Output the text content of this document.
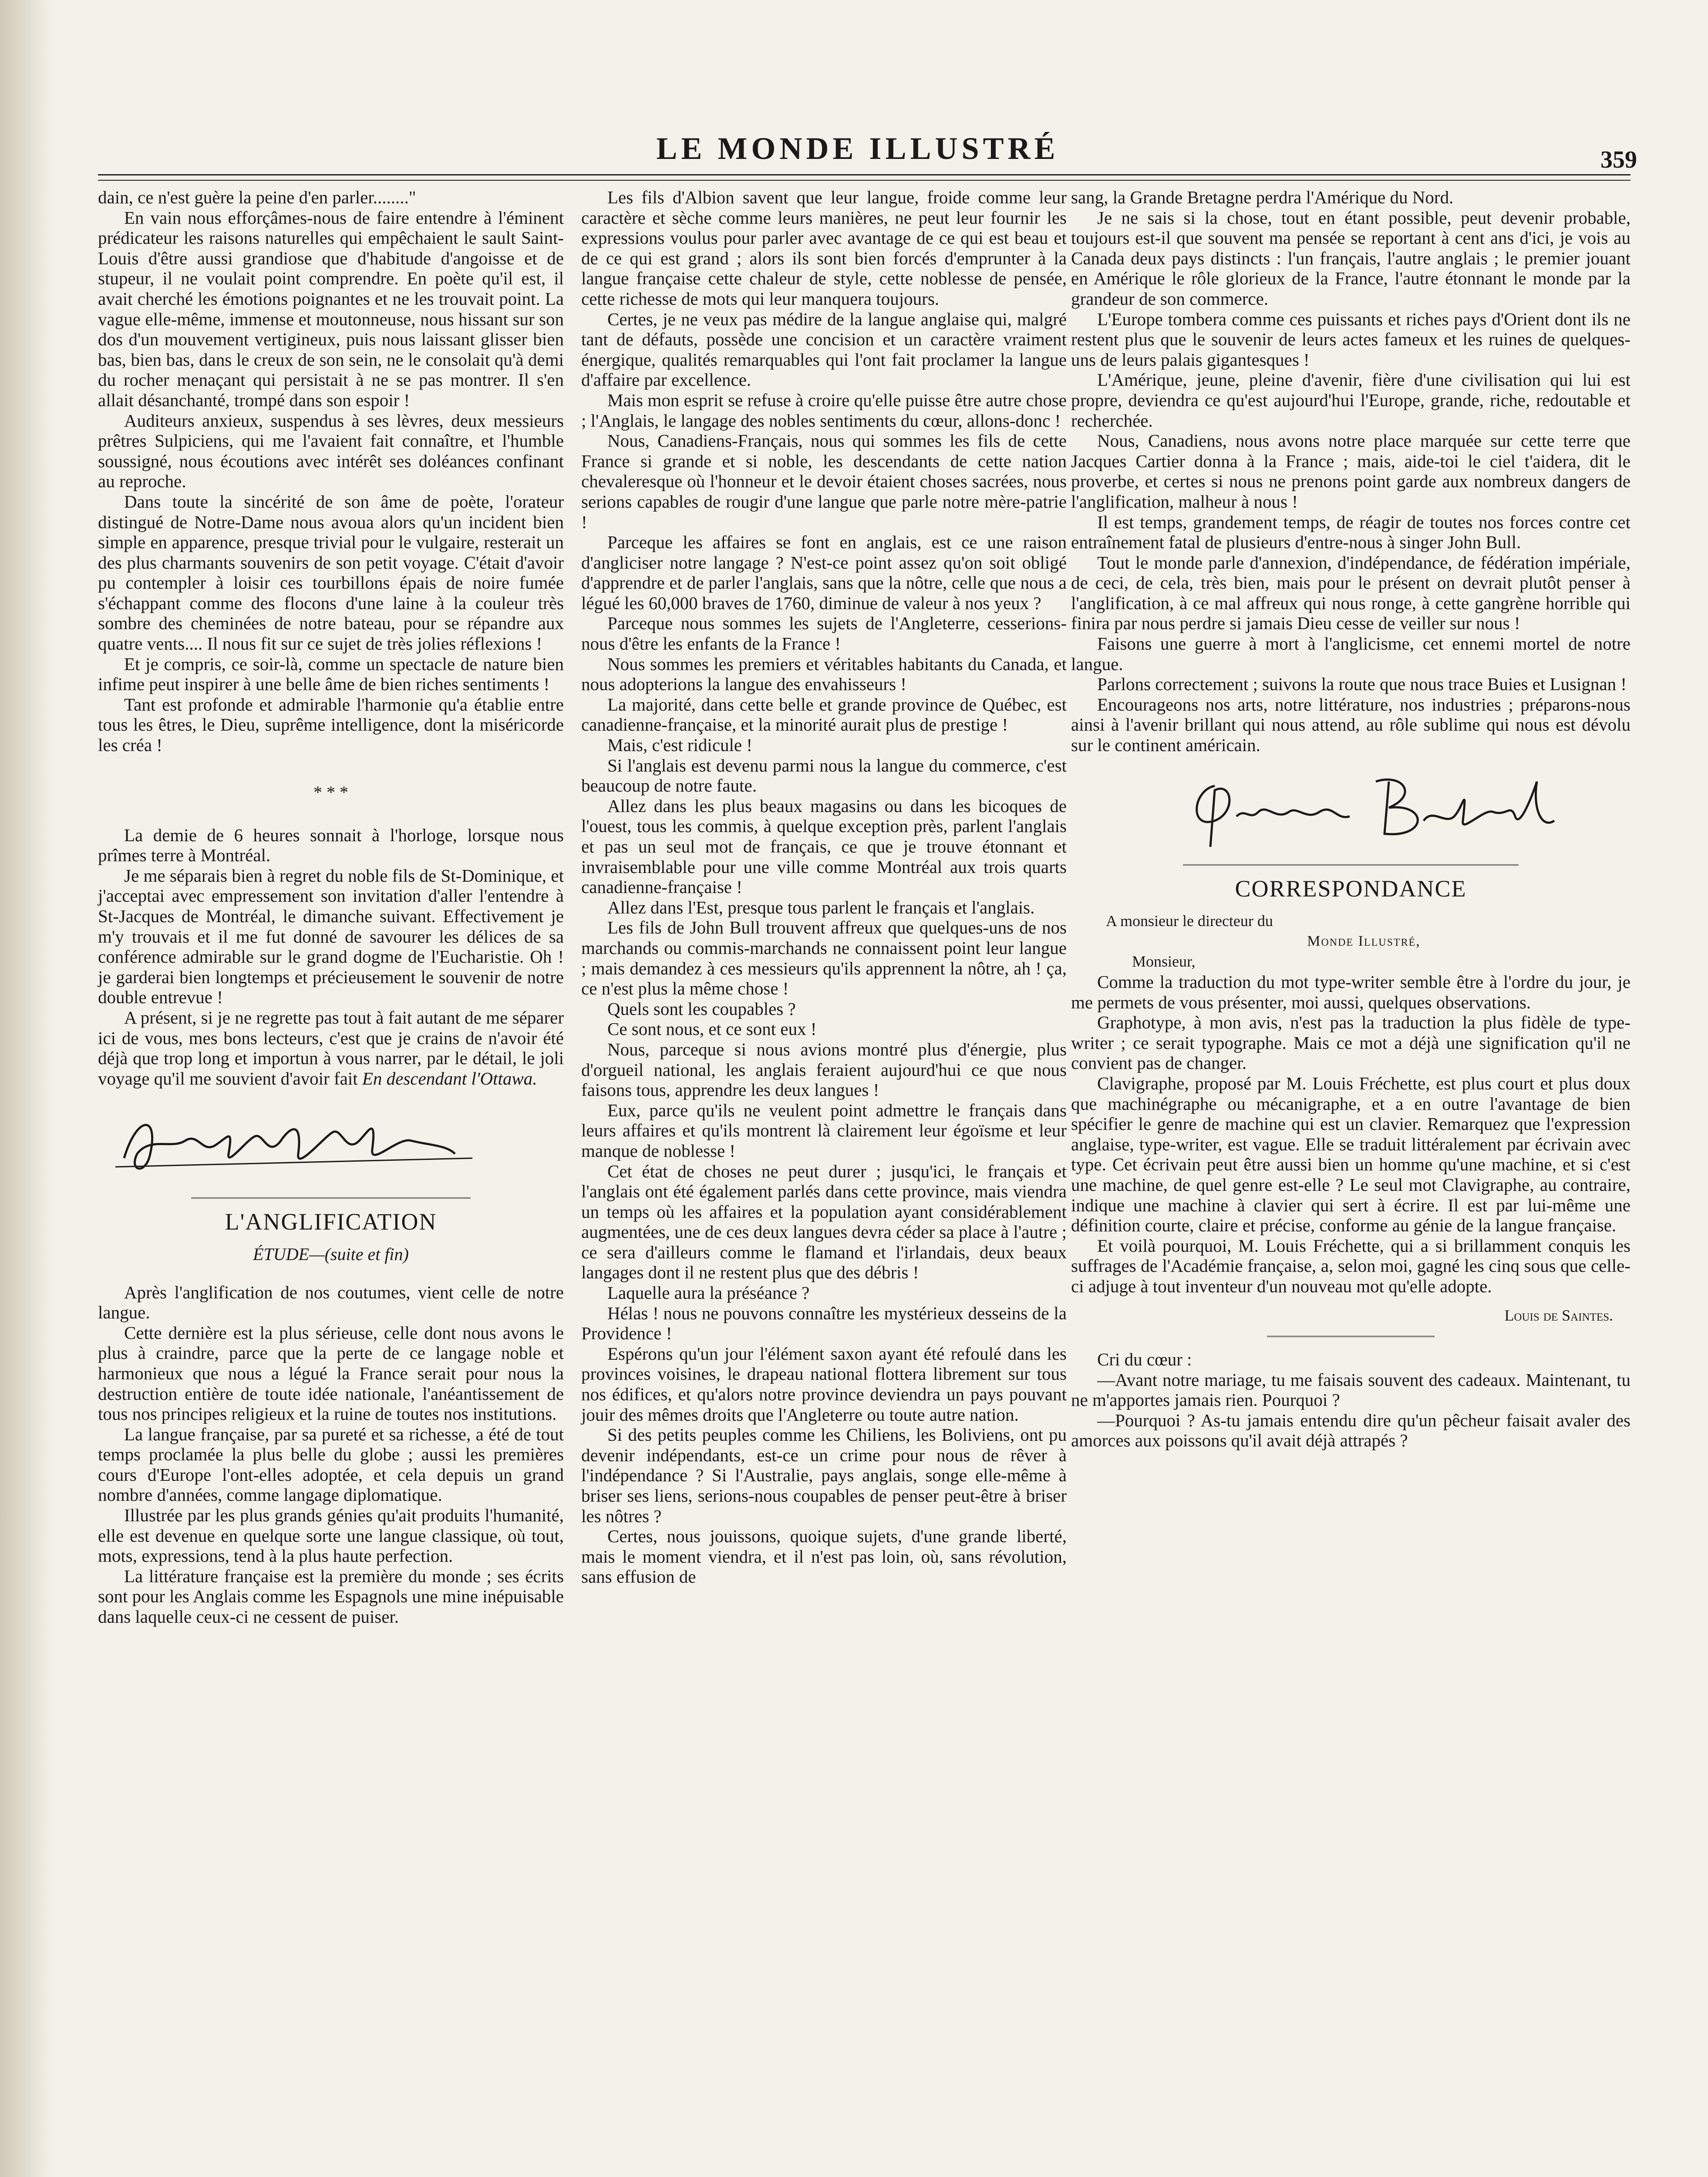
LE MONDE ILLUSTRÉ	359

dain, ce n'est guère la peine d'en parler........"

En vain nous efforçâmes-nous de faire entendre à l'éminent prédicateur les raisons naturelles qui empêchaient le sault Saint-Louis d'être aussi grandiose que d'habitude d'angoisse et de stupeur, il ne voulait point comprendre. En poète qu'il est, il avait cherché les émotions poignantes et ne les trouvait point. La vague elle-même, immense et moutonneuse, nous hissant sur son dos d'un mouvement vertigineux, puis nous laissant glisser bien bas, bien bas, dans le creux de son sein, ne le consolait qu'à demi du rocher menaçant qui persistait à ne se pas montrer. Il s'en allait désanchanté, trompé dans son espoir !

Auditeurs anxieux, suspendus à ses lèvres, deux messieurs prêtres Sulpiciens, qui me l'avaient fait connaître, et l'humble soussigné, nous écoutions avec intérêt ses doléances confinant au reproche.

Dans toute la sincérité de son âme de poète, l'orateur distingué de Notre-Dame nous avoua alors qu'un incident bien simple en apparence, presque trivial pour le vulgaire, resterait un des plus charmants souvenirs de son petit voyage. C'était d'avoir pu contempler à loisir ces tourbillons épais de noire fumée s'échappant comme des flocons d'une laine à la couleur très sombre des cheminées de notre bateau, pour se répandre aux quatre vents.... Il nous fit sur ce sujet de très jolies réflexions !

Et je compris, ce soir-là, comme un spectacle de nature bien infime peut inspirer à une belle âme de bien riches sentiments !

Tant est profonde et admirable l'harmonie qu'a établie entre tous les êtres, le Dieu, suprême intelligence, dont la miséricorde les créa !

* * *

La demie de 6 heures sonnait à l'horloge, lorsque nous prîmes terre à Montréal.

Je me séparais bien à regret du noble fils de St-Dominique, et j'acceptai avec empressement son invitation d'aller l'entendre à St-Jacques de Montréal, le dimanche suivant. Effectivement je m'y trouvais et il me fut donné de savourer les délices de sa conférence admirable sur le grand dogme de l'Eucharistie. Oh ! je garderai bien longtemps et précieusement le souvenir de notre double entrevue !

A présent, si je ne regrette pas tout à fait autant de me séparer ici de vous, mes bons lecteurs, c'est que je crains de n'avoir été déjà que trop long et importun à vous narrer, par le détail, le joli voyage qu'il me souvient d'avoir fait En descendant l'Ottawa.

L'ANGLIFICATION
ÉTUDE—(suite et fin)

Après l'anglification de nos coutumes, vient celle de notre langue.

Cette dernière est la plus sérieuse, celle dont nous avons le plus à craindre, parce que la perte de ce langage noble et harmonieux que nous a légué la France serait pour nous la destruction entière de toute idée nationale, l'anéantissement de tous nos principes religieux et la ruine de toutes nos institutions.

La langue française, par sa pureté et sa richesse, a été de tout temps proclamée la plus belle du globe ; aussi les premières cours d'Europe l'ont-elles adoptée, et cela depuis un grand nombre d'années, comme langage diplomatique.

Illustrée par les plus grands génies qu'ait produits l'humanité, elle est devenue en quelque sorte une langue classique, où tout, mots, expressions, tend à la plus haute perfection.

La littérature française est la première du monde ; ses écrits sont pour les Anglais comme les Espagnols une mine inépuisable dans laquelle ceux-ci ne cessent de puiser.

Les fils d'Albion savent que leur langue, froide comme leur caractère et sèche comme leurs manières, ne peut leur fournir les expressions voulus pour parler avec avantage de ce qui est beau et de ce qui est grand ; alors ils sont bien forcés d'emprunter à la langue française cette chaleur de style, cette noblesse de pensée, cette richesse de mots qui leur manquera toujours.

Certes, je ne veux pas médire de la langue anglaise qui, malgré tant de défauts, possède une concision et un caractère vraiment énergique, qualités remarquables qui l'ont fait proclamer la langue d'affaire par excellence.

Mais mon esprit se refuse à croire qu'elle puisse être autre chose ; l'Anglais, le langage des nobles sentiments du cœur, allons-donc !

Nous, Canadiens-Français, nous qui sommes les fils de cette France si grande et si noble, les descendants de cette nation chevaleresque où l'honneur et le devoir étaient choses sacrées, nous serions capables de rougir d'une langue que parle notre mère-patrie !

Parceque les affaires se font en anglais, est ce une raison d'angliciser notre langage ? N'est-ce point assez qu'on soit obligé d'apprendre et de parler l'anglais, sans que la nôtre, celle que nous a légué les 60,000 braves de 1760, diminue de valeur à nos yeux ?

Parceque nous sommes les sujets de l'Angleterre, cesserions-nous d'être les enfants de la France !

Nous sommes les premiers et véritables habitants du Canada, et nous adopterions la langue des envahisseurs !

La majorité, dans cette belle et grande province de Québec, est canadienne-française, et la minorité aurait plus de prestige !

Mais, c'est ridicule !

Si l'anglais est devenu parmi nous la langue du commerce, c'est beaucoup de notre faute.

Allez dans les plus beaux magasins ou dans les bicoques de l'ouest, tous les commis, à quelque exception près, parlent l'anglais et pas un seul mot de français, ce que je trouve étonnant et invraisemblable pour une ville comme Montréal aux trois quarts canadienne-française !

Allez dans l'Est, presque tous parlent le français et l'anglais.

Les fils de John Bull trouvent affreux que quelques-uns de nos marchands ou commis-marchands ne connaissent point leur langue ; mais demandez à ces messieurs qu'ils apprennent la nôtre, ah ! ça, ce n'est plus la même chose !

Quels sont les coupables ?

Ce sont nous, et ce sont eux !

Nous, parceque si nous avions montré plus d'énergie, plus d'orgueil national, les anglais feraient aujourd'hui ce que nous faisons tous, apprendre les deux langues !

Eux, parce qu'ils ne veulent point admettre le français dans leurs affaires et qu'ils montrent là clairement leur égoïsme et leur manque de noblesse !

Cet état de choses ne peut durer ; jusqu'ici, le français et l'anglais ont été également parlés dans cette province, mais viendra un temps où les affaires et la population ayant considérablement augmentées, une de ces deux langues devra céder sa place à l'autre ; ce sera d'ailleurs comme le flamand et l'irlandais, deux beaux langages dont il ne restent plus que des débris !

Laquelle aura la préséance ?

Hélas ! nous ne pouvons connaître les mystérieux desseins de la Providence !

Espérons qu'un jour l'élément saxon ayant été refoulé dans les provinces voisines, le drapeau national flottera librement sur tous nos édifices, et qu'alors notre province deviendra un pays pouvant jouir des mêmes droits que l'Angleterre ou toute autre nation.

Si des petits peuples comme les Chiliens, les Boliviens, ont pu devenir indépendants, est-ce un crime pour nous de rêver à l'indépendance ? Si l'Australie, pays anglais, songe elle-même à briser ses liens, serions-nous coupables de penser peut-être à briser les nôtres ?

Certes, nous jouissons, quoique sujets, d'une grande liberté, mais le moment viendra, et il n'est pas loin, où, sans révolution, sans effusion de

sang, la Grande Bretagne perdra l'Amérique du Nord.

Je ne sais si la chose, tout en étant possible, peut devenir probable, toujours est-il que souvent ma pensée se reportant à cent ans d'ici, je vois au Canada deux pays distincts : l'un français, l'autre anglais ; le premier jouant en Amérique le rôle glorieux de la France, l'autre étonnant le monde par la grandeur de son commerce.

L'Europe tombera comme ces puissants et riches pays d'Orient dont ils ne restent plus que le souvenir de leurs actes fameux et les ruines de quelques-uns de leurs palais gigantesques !

L'Amérique, jeune, pleine d'avenir, fière d'une civilisation qui lui est propre, deviendra ce qu'est aujourd'hui l'Europe, grande, riche, redoutable et recherchée.

Nous, Canadiens, nous avons notre place marquée sur cette terre que Jacques Cartier donna à la France ; mais, aide-toi le ciel t'aidera, dit le proverbe, et certes si nous ne prenons point garde aux nombreux dangers de l'anglification, malheur à nous !

Il est temps, grandement temps, de réagir de toutes nos forces contre cet entraînement fatal de plusieurs d'entre-nous à singer John Bull.

Tout le monde parle d'annexion, d'indépendance, de fédération impériale, de ceci, de cela, très bien, mais pour le présent on devrait plutôt penser à l'anglification, à ce mal affreux qui nous ronge, à cette gangrène horrible qui finira par nous perdre si jamais Dieu cesse de veiller sur nous !

Faisons une guerre à mort à l'anglicisme, cet ennemi mortel de notre langue.

Parlons correctement ; suivons la route que nous trace Buies et Lusignan !

Encourageons nos arts, notre littérature, nos industries ; préparons-nous ainsi à l'avenir brillant qui nous attend, au rôle sublime qui nous est dévolu sur le continent américain.

CORRESPONDANCE

A monsieur le directeur du

Monde Illustré,

Monsieur,

Comme la traduction du mot type-writer semble être à l'ordre du jour, je me permets de vous présenter, moi aussi, quelques observations.

Graphotype, à mon avis, n'est pas la traduction la plus fidèle de type-writer ; ce serait typographe. Mais ce mot a déjà une signification qu'il ne convient pas de changer.

Clavigraphe, proposé par M. Louis Fréchette, est plus court et plus doux que machinégraphe ou mécanigraphe, et a en outre l'avantage de bien spécifier le genre de machine qui est un clavier. Remarquez que l'expression anglaise, type-writer, est vague. Elle se traduit littéralement par écrivain avec type. Cet écrivain peut être aussi bien un homme qu'une machine, et si c'est une machine, de quel genre est-elle ? Le seul mot Clavigraphe, au contraire, indique une machine à clavier qui sert à écrire. Il est par lui-même une définition courte, claire et précise, conforme au génie de la langue française.

Et voilà pourquoi, M. Louis Fréchette, qui a si brillamment conquis les suffrages de l'Académie française, a, selon moi, gagné les cinq sous que celle-ci adjuge à tout inventeur d'un nouveau mot qu'elle adopte.

Louis de Saintes.

Cri du cœur :

—Avant notre mariage, tu me faisais souvent des cadeaux. Maintenant, tu ne m'apportes jamais rien. Pourquoi ?

—Pourquoi ? As-tu jamais entendu dire qu'un pêcheur faisait avaler des amorces aux poissons qu'il avait déjà attrapés ?
